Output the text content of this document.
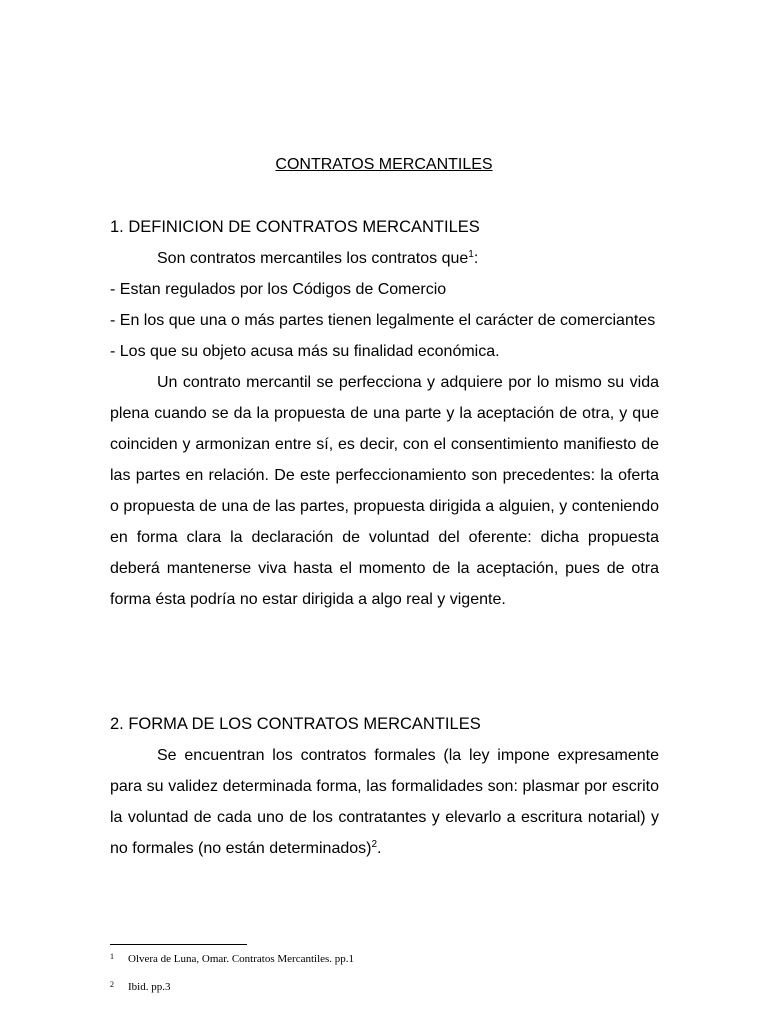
CONTRATOS MERCANTILES

1. DEFINICION DE CONTRATOS MERCANTILES

Son contratos mercantiles los contratos que$^1$:

- Estan regulados por los Códigos de Comercio

- En los que una o más partes tienen legalmente el carácter de comerciantes

- Los que su objeto acusa más su finalidad económica.

Un contrato mercantil se perfecciona y adquiere por lo mismo su vida plena cuando se da la propuesta de una parte y la aceptación de otra, y que coinciden y armonizan entre sí, es decir, con el consentimiento manifiesto de las partes en relación. De este perfeccionamiento son precedentes: la oferta o propuesta de una de las partes, propuesta dirigida a alguien, y conteniendo en forma clara la declaración de voluntad del oferente: dicha propuesta deberá mantenerse viva hasta el momento de la aceptación, pues de otra forma ésta podría no estar dirigida a algo real y vigente.

2. FORMA DE LOS CONTRATOS MERCANTILES

Se encuentran los contratos formales (la ley impone expresamente para su validez determinada forma, las formalidades son: plasmar por escrito la voluntad de cada uno de los contratantes y elevarlo a escritura notarial) y no formales (no están determinados)$^2$.

1 Olvera de Luna, Omar. Contratos Mercantiles. pp.1
2 Ibid. pp.3
